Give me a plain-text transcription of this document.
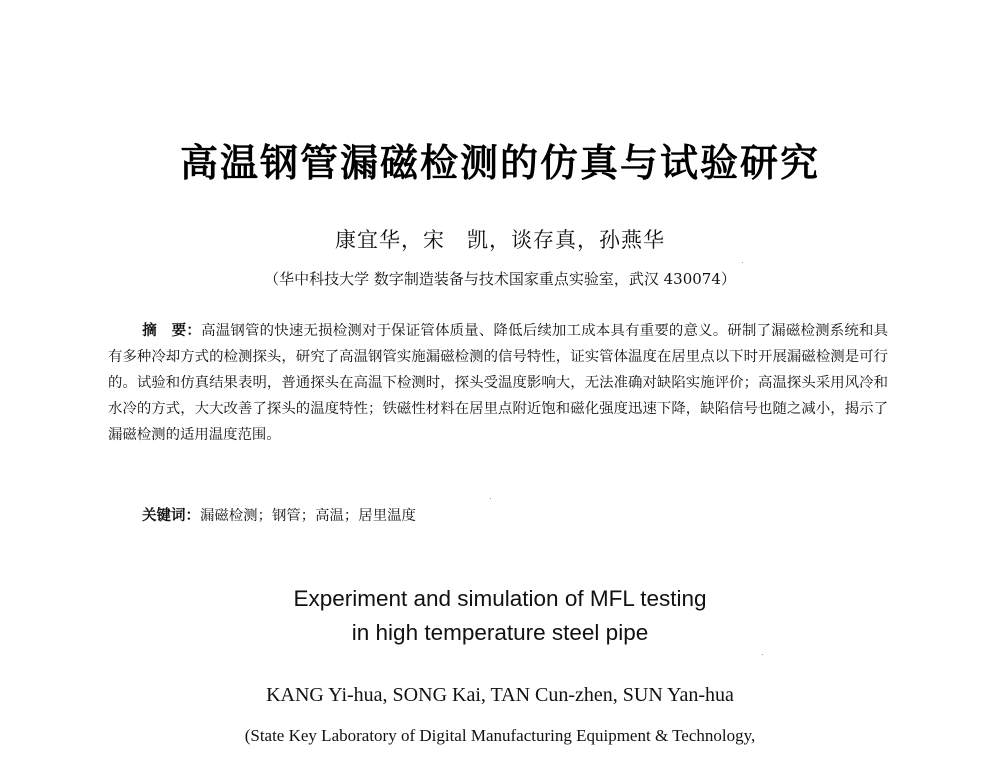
高温钢管漏磁检测的仿真与试验研究
康宜华，宋　凯，谈存真，孙燕华
（华中科技大学 数字制造装备与技术国家重点实验室，武汉 430074）
摘　要：高温钢管的快速无损检测对于保证管体质量、降低后续加工成本具有重要的意义。研制了漏磁检测系统和具有多种冷却方式的检测探头，研究了高温钢管实施漏磁检测的信号特性，证实管体温度在居里点以下时开展漏磁检测是可行的。试验和仿真结果表明，普通探头在高温下检测时，探头受温度影响大，无法准确对缺陷实施评价；高温探头采用风冷和水冷的方式，大大改善了探头的温度特性；铁磁性材料在居里点附近饱和磁化强度迅速下降，缺陷信号也随之减小，揭示了漏磁检测的适用温度范围。
关键词：漏磁检测；钢管；高温；居里温度
Experiment and simulation of MFL testing
in high temperature steel pipe
KANG Yi-hua, SONG Kai, TAN Cun-zhen, SUN Yan-hua
(State Key Laboratory of Digital Manufacturing Equipment & Technology,
